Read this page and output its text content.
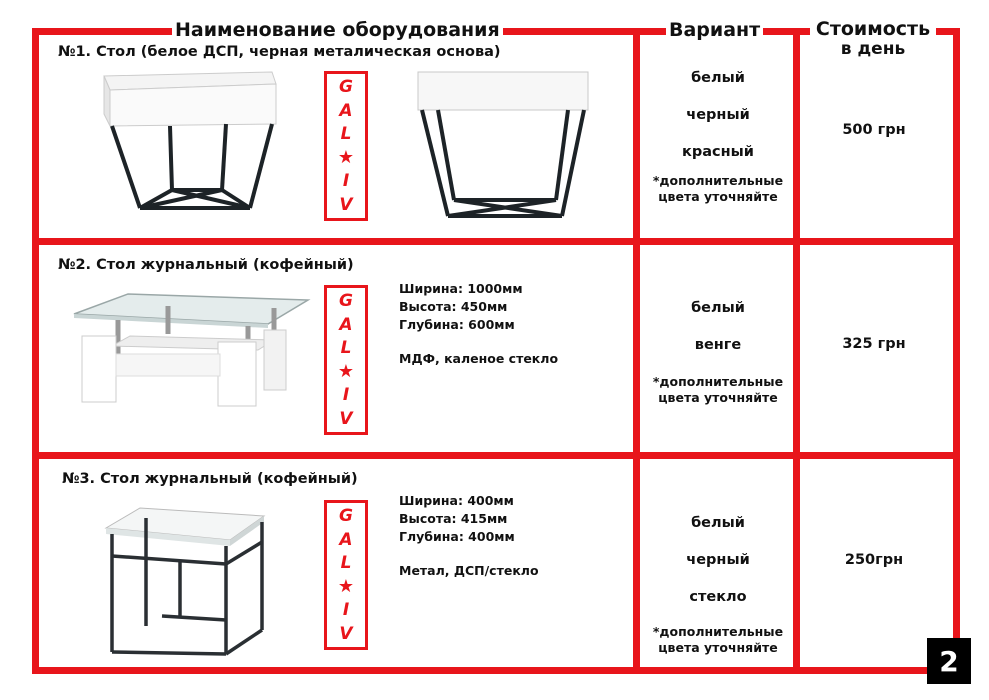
Наименование оборудования	Вариант	Стоимость
в день
№1. Стол (белое ДСП, черная металическая основа)
G
A
L
★
I
V
белый
черный
красный
*дополнительные
цвета уточняйте
500 грн
№2. Стол журнальный (кофейный)
G
A
L
★
I
V
Ширина: 1000мм
Высота: 450мм
Глубина: 600мм
МДФ, каленое стекло
белый
венге
*дополнительные
цвета уточняйте
325 грн
№3. Стол журнальный (кофейный)
G
A
L
★
I
V
Ширина: 400мм
Высота: 415мм
Глубина: 400мм
Метал, ДСП/стекло
белый
черный
стекло
*дополнительные
цвета уточняйте
250грн
2
